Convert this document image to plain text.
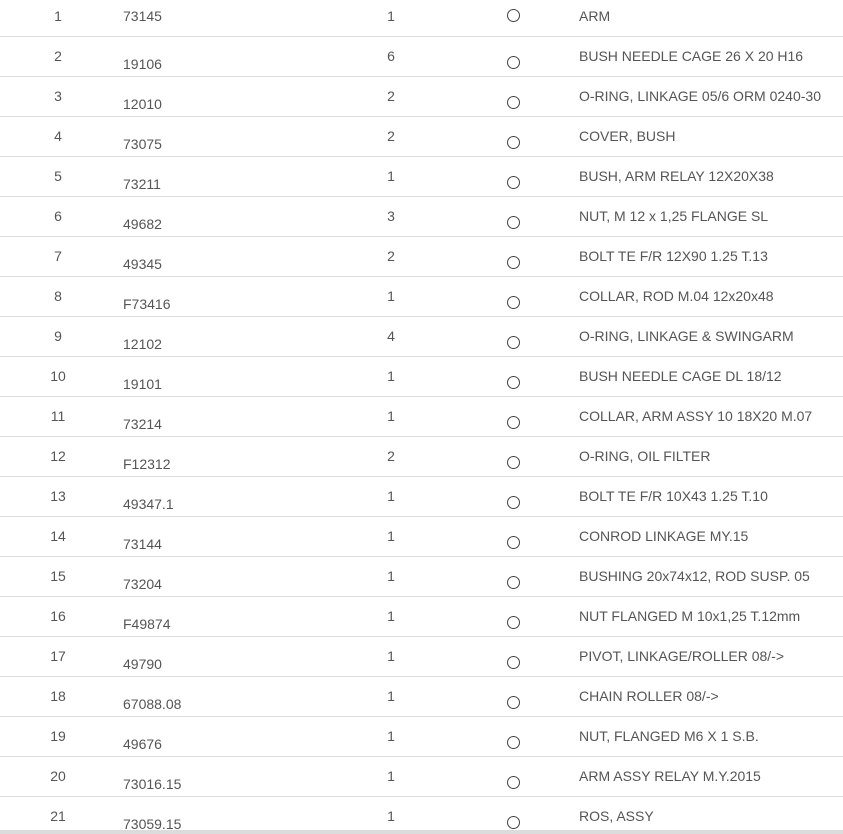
1	73145	1	ARM
2	19106	6	BUSH NEEDLE CAGE 26 X 20 H16
3	12010	2	O-RING, LINKAGE 05/6 ORM 0240-30
4	73075	2	COVER, BUSH
5	73211	1	BUSH, ARM RELAY 12X20X38
6	49682	3	NUT, M 12 x 1,25 FLANGE SL
7	49345	2	BOLT TE F/R 12X90 1.25 T.13
8	F73416	1	COLLAR, ROD M.04 12x20x48
9	12102	4	O-RING, LINKAGE & SWINGARM
10	19101	1	BUSH NEEDLE CAGE DL 18/12
11	73214	1	COLLAR, ARM ASSY 10 18X20 M.07
12	F12312	2	O-RING, OIL FILTER
13	49347.1	1	BOLT TE F/R 10X43 1.25 T.10
14	73144	1	CONROD LINKAGE MY.15
15	73204	1	BUSHING 20x74x12, ROD SUSP. 05
16	F49874	1	NUT FLANGED M 10x1,25 T.12mm
17	49790	1	PIVOT, LINKAGE/ROLLER 08/->
18	67088.08	1	CHAIN ROLLER 08/->
19	49676	1	NUT, FLANGED M6 X 1 S.B.
20	73016.15	1	ARM ASSY RELAY M.Y.2015
21	73059.15	1	ROS, ASSY
